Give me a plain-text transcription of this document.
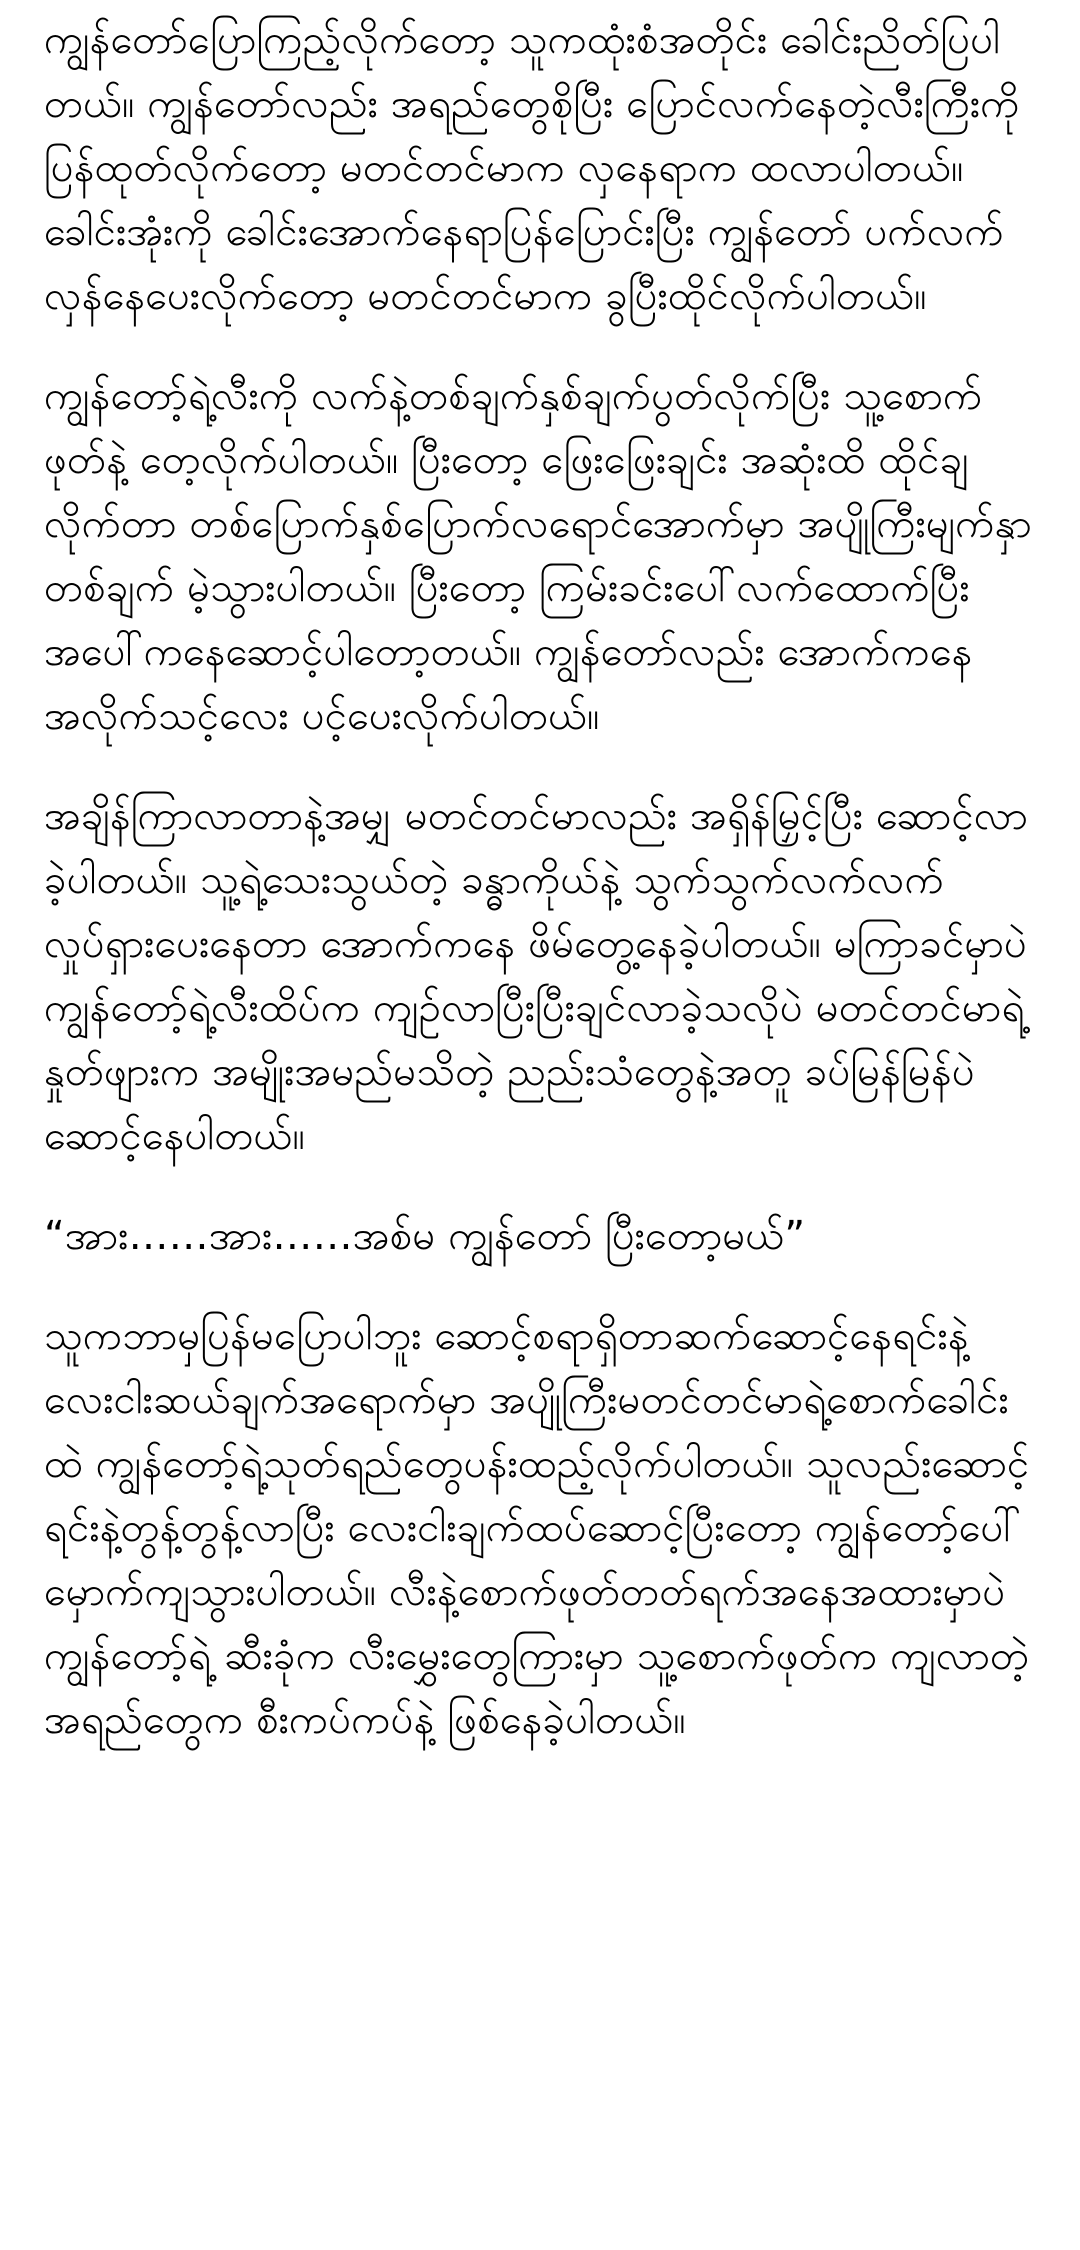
ကျွန်တော်ပြောကြည့်လိုက်တော့ သူကထုံးစံအတိုင်း ခေါင်းညိတ်ပြပါတယ်။ ကျွန်တော်လည်း အရည်တွေစိုပြီး ပြောင်လက်နေတဲ့လီးကြီးကို ပြန်ထုတ်လိုက်တော့ မတင်တင်မာက လှနေရာက ထလာပါတယ်။ ခေါင်းအုံးကို ခေါင်းအောက်နေရာပြန်ပြောင်းပြီး ကျွန်တော် ပက်လက်လှန်နေပေးလိုက်တော့ မတင်တင်မာက ခွပြီးထိုင်လိုက်ပါတယ်။

ကျွန်တော့်ရဲ့လီးကို လက်နဲ့တစ်ချက်နှစ်ချက်ပွတ်လိုက်ပြီး သူ့စောက်ဖုတ်နဲ့ တေ့လိုက်ပါတယ်။ ပြီးတော့ ဖြေးဖြေးချင်း အဆုံးထိ ထိုင်ချလိုက်တာ တစ်ပြောက်နှစ်ပြောက်လရောင်အောက်မှာ အပျိုကြီးမျက်နှာတစ်ချက် မဲ့သွားပါတယ်။ ပြီးတော့ ကြမ်းခင်းပေါ်လက်ထောက်ပြီး အပေါ်ကနေဆောင့်ပါတော့တယ်။ ကျွန်တော်လည်း အောက်ကနေ အလိုက်သင့်လေး ပင့်ပေးလိုက်ပါတယ်။

အချိန်ကြာလာတာနဲ့အမျှ မတင်တင်မာလည်း အရှိန်မြှင့်ပြီး ဆောင့်လာခဲ့ပါတယ်။ သူ့ရဲ့သေးသွယ်တဲ့ ခန္ဓာကိုယ်နဲ့ သွက်သွက်လက်လက် လှုပ်ရှားပေးနေတာ အောက်ကနေ ဖိမ်တွေ့နေခဲ့ပါတယ်။ မကြာခင်မှာပဲ ကျွန်တော့်ရဲ့လီးထိပ်က ကျဉ်လာပြီးပြီးချင်လာခဲ့သလိုပဲ မတင်တင်မာရဲ့ နှုတ်ဖျားက အမျိုးအမည်မသိတဲ့ ညည်းသံတွေနဲ့အတူ ခပ်မြန်မြန်ပဲဆောင့်နေပါတယ်။

“အား……အား……အစ်မ ကျွန်တော် ပြီးတော့မယ်”

သူကဘာမှပြန်မပြောပါဘူး ဆောင့်စရာရှိတာဆက်ဆောင့်နေရင်းနဲ့ လေးငါးဆယ်ချက်အရောက်မှာ အပျိုကြီးမတင်တင်မာရဲ့စောက်ခေါင်းထဲ ကျွန်တော့်ရဲ့သုတ်ရည်တွေပန်းထည့်လိုက်ပါတယ်။ သူလည်းဆောင့်ရင်းနဲ့တွန့်တွန့်လာပြီး လေးငါးချက်ထပ်ဆောင့်ပြီးတော့ ကျွန်တော့်ပေါ်မှောက်ကျသွားပါတယ်။ လီးနဲ့စောက်ဖုတ်တတ်ရက်အနေအထားမှာပဲ ကျွန်တော့်ရဲ့ ဆီးခုံက လီးမွှေးတွေကြားမှာ သူ့စောက်ဖုတ်က ကျလာတဲ့ အရည်တွေက စီးကပ်ကပ်နဲ့ ဖြစ်နေခဲ့ပါတယ်။
